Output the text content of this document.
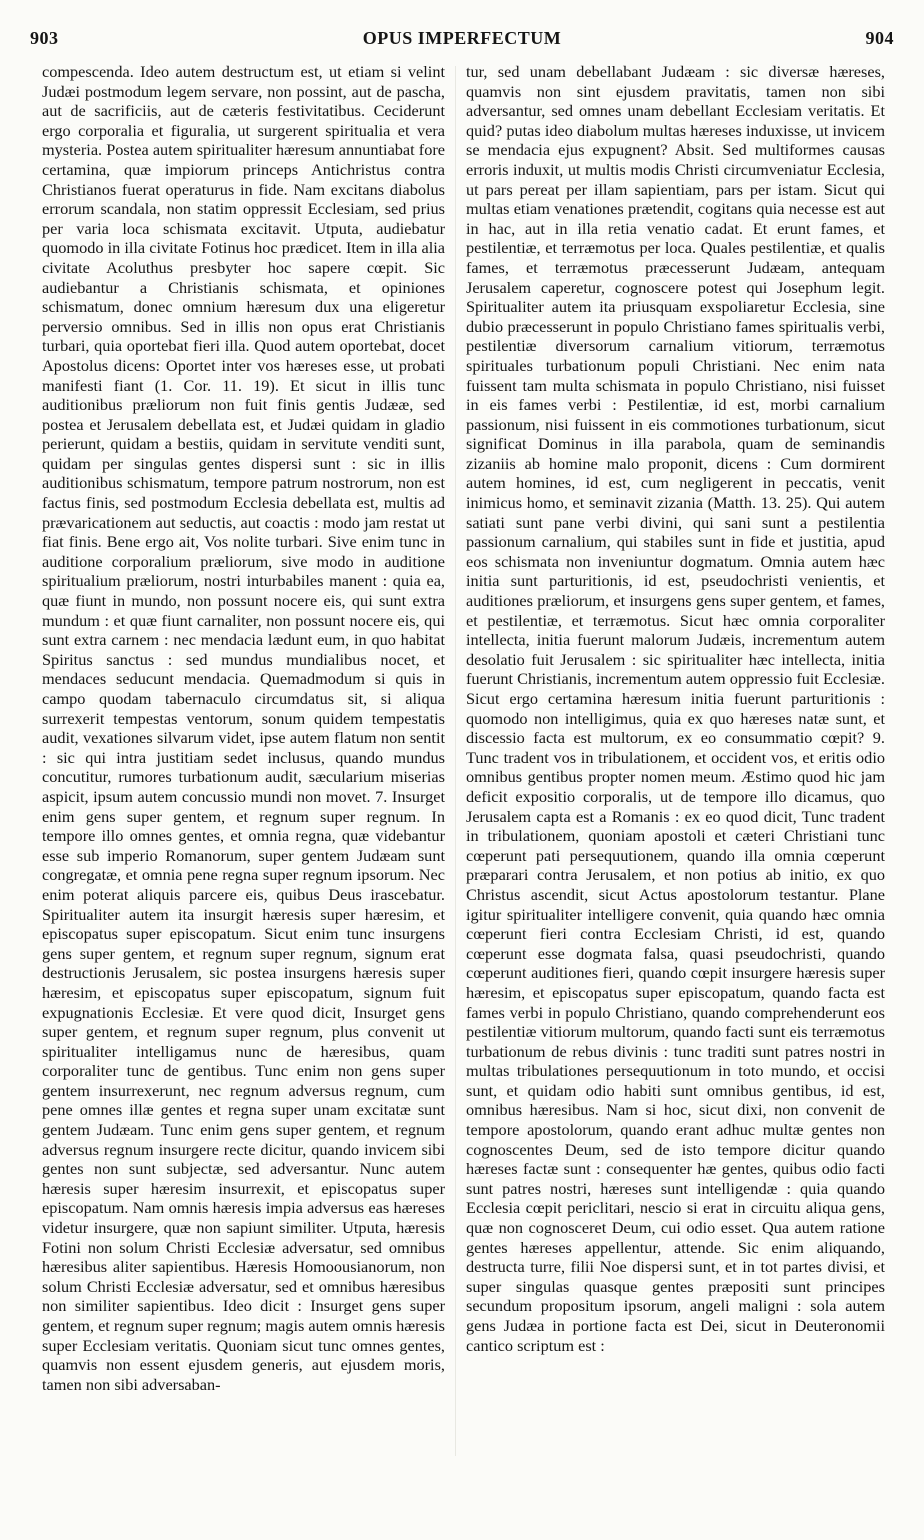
903	OPUS IMPERFECTUM	904

compescenda. Ideo autem destructum est, ut etiam si velint Judæi postmodum legem servare, non possint, aut de pascha, aut de sacrificiis, aut de cæteris festivitatibus. Ceciderunt ergo corporalia et figuralia, ut surgerent spiritualia et vera mysteria. Postea autem spiritualiter hæresum annuntiabat fore certamina, quæ impiorum princeps Antichristus contra Christianos fuerat operaturus in fide. Nam excitans diabolus errorum scandala, non statim oppressit Ecclesiam, sed prius per varia loca schismata excitavit. Utputa, audiebatur quomodo in illa civitate Fotinus hoc prædicet. Item in illa alia civitate Acoluthus presbyter hoc sapere cœpit. Sic audiebantur a Christianis schismata, et opiniones schismatum, donec omnium hæresum dux una eligeretur perversio omnibus. Sed in illis non opus erat Christianis turbari, quia oportebat fieri illa. Quod autem oportebat, docet Apostolus dicens: Oportet inter vos hæreses esse, ut probati manifesti fiant (1. Cor. 11. 19). Et sicut in illis tunc auditionibus præliorum non fuit finis gentis Judææ, sed postea et Jerusalem debellata est, et Judæi quidam in gladio perierunt, quidam a bestiis, quidam in servitute venditi sunt, quidam per singulas gentes dispersi sunt : sic in illis auditionibus schismatum, tempore patrum nostrorum, non est factus finis, sed postmodum Ecclesia debellata est, multis ad prævaricationem aut seductis, aut coactis : modo jam restat ut fiat finis. Bene ergo ait, Vos nolite turbari. Sive enim tunc in auditione corporalium præliorum, sive modo in auditione spiritualium præliorum, nostri inturbabiles manent : quia ea, quæ fiunt in mundo, non possunt nocere eis, qui sunt extra mundum : et quæ fiunt carnaliter, non possunt nocere eis, qui sunt extra carnem : nec mendacia lædunt eum, in quo habitat Spiritus sanctus : sed mundus mundialibus nocet, et mendaces seducunt mendacia. Quemadmodum si quis in campo quodam tabernaculo circumdatus sit, si aliqua surrexerit tempestas ventorum, sonum quidem tempestatis audit, vexationes silvarum videt, ipse autem flatum non sentit : sic qui intra justitiam sedet inclusus, quando mundus concutitur, rumores turbationum audit, sæcularium miserias aspicit, ipsum autem concussio mundi non movet. 7. Insurget enim gens super gentem, et regnum super regnum. In tempore illo omnes gentes, et omnia regna, quæ videbantur esse sub imperio Romanorum, super gentem Judæam sunt congregatæ, et omnia pene regna super regnum ipsorum. Nec enim poterat aliquis parcere eis, quibus Deus irascebatur. Spiritualiter autem ita insurgit hæresis super hæresim, et episcopatus super episcopatum. Sicut enim tunc insurgens gens super gentem, et regnum super regnum, signum erat destructionis Jerusalem, sic postea insurgens hæresis super hæresim, et episcopatus super episcopatum, signum fuit expugnationis Ecclesiæ. Et vere quod dicit, Insurget gens super gentem, et regnum super regnum, plus convenit ut spiritualiter intelligamus nunc de hæresibus, quam corporaliter tunc de gentibus. Tunc enim non gens super gentem insurrexerunt, nec regnum adversus regnum, cum pene omnes illæ gentes et regna super unam excitatæ sunt gentem Judæam. Tunc enim gens super gentem, et regnum adversus regnum insurgere recte dicitur, quando invicem sibi gentes non sunt subjectæ, sed adversantur. Nunc autem hæresis super hæresim insurrexit, et episcopatus super episcopatum. Nam omnis hæresis impia adversus eas hæreses videtur insurgere, quæ non sapiunt similiter. Utputa, hæresis Fotini non solum Christi Ecclesiæ adversatur, sed omnibus hæresibus aliter sapientibus. Hæresis Homoousianorum, non solum Christi Ecclesiæ adversatur, sed et omnibus hæresibus non similiter sapientibus. Ideo dicit : Insurget gens super gentem, et regnum super regnum; magis autem omnis hæresis super Ecclesiam veritatis. Quoniam sicut tunc omnes gentes, quamvis non essent ejusdem generis, aut ejusdem moris, tamen non sibi adversaban-

tur, sed unam debellabant Judæam : sic diversæ hæreses, quamvis non sint ejusdem pravitatis, tamen non sibi adversantur, sed omnes unam debellant Ecclesiam veritatis. Et quid? putas ideo diabolum multas hæreses induxisse, ut invicem se mendacia ejus expugnent? Absit. Sed multiformes causas erroris induxit, ut multis modis Christi circumveniatur Ecclesia, ut pars pereat per illam sapientiam, pars per istam. Sicut qui multas etiam venationes prætendit, cogitans quia necesse est aut in hac, aut in illa retia venatio cadat. Et erunt fames, et pestilentiæ, et terræmotus per loca. Quales pestilentiæ, et qualis fames, et terræmotus præcesserunt Judæam, antequam Jerusalem caperetur, cognoscere potest qui Josephum legit. Spiritualiter autem ita priusquam exspoliaretur Ecclesia, sine dubio præcesserunt in populo Christiano fames spiritualis verbi, pestilentiæ diversorum carnalium vitiorum, terræmotus spirituales turbationum populi Christiani. Nec enim nata fuissent tam multa schismata in populo Christiano, nisi fuisset in eis fames verbi : Pestilentiæ, id est, morbi carnalium passionum, nisi fuissent in eis commotiones turbationum, sicut significat Dominus in illa parabola, quam de seminandis zizaniis ab homine malo proponit, dicens : Cum dormirent autem homines, id est, cum negligerent in peccatis, venit inimicus homo, et seminavit zizania (Matth. 13. 25). Qui autem satiati sunt pane verbi divini, qui sani sunt a pestilentia passionum carnalium, qui stabiles sunt in fide et justitia, apud eos schismata non inveniuntur dogmatum. Omnia autem hæc initia sunt parturitionis, id est, pseudochristi venientis, et auditiones præliorum, et insurgens gens super gentem, et fames, et pestilentiæ, et terræmotus. Sicut hæc omnia corporaliter intellecta, initia fuerunt malorum Judæis, incrementum autem desolatio fuit Jerusalem : sic spiritualiter hæc intellecta, initia fuerunt Christianis, incrementum autem oppressio fuit Ecclesiæ. Sicut ergo certamina hæresum initia fuerunt parturitionis : quomodo non intelligimus, quia ex quo hæreses natæ sunt, et discessio facta est multorum, ex eo consummatio cœpit? 9. Tunc tradent vos in tribulationem, et occident vos, et eritis odio omnibus gentibus propter nomen meum. Æstimo quod hic jam deficit expositio corporalis, ut de tempore illo dicamus, quo Jerusalem capta est a Romanis : ex eo quod dicit, Tunc tradent in tribulationem, quoniam apostoli et cæteri Christiani tunc cœperunt pati persequutionem, quando illa omnia cœperunt præparari contra Jerusalem, et non potius ab initio, ex quo Christus ascendit, sicut Actus apostolorum testantur. Plane igitur spiritualiter intelligere convenit, quia quando hæc omnia cœperunt fieri contra Ecclesiam Christi, id est, quando cœperunt esse dogmata falsa, quasi pseudochristi, quando cœperunt auditiones fieri, quando cœpit insurgere hæresis super hæresim, et episcopatus super episcopatum, quando facta est fames verbi in populo Christiano, quando comprehenderunt eos pestilentiæ vitiorum multorum, quando facti sunt eis terræmotus turbationum de rebus divinis : tunc traditi sunt patres nostri in multas tribulationes persequutionum in toto mundo, et occisi sunt, et quidam odio habiti sunt omnibus gentibus, id est, omnibus hæresibus. Nam si hoc, sicut dixi, non convenit de tempore apostolorum, quando erant adhuc multæ gentes non cognoscentes Deum, sed de isto tempore dicitur quando hæreses factæ sunt : consequenter hæ gentes, quibus odio facti sunt patres nostri, hæreses sunt intelligendæ : quia quando Ecclesia cœpit periclitari, nescio si erat in circuitu aliqua gens, quæ non cognosceret Deum, cui odio esset. Qua autem ratione gentes hæreses appellentur, attende. Sic enim aliquando, destructa turre, filii Noe dispersi sunt, et in tot partes divisi, et super singulas quasque gentes præpositi sunt principes secundum propositum ipsorum, angeli maligni : sola autem gens Judæa in portione facta est Dei, sicut in Deuteronomii cantico scriptum est :
